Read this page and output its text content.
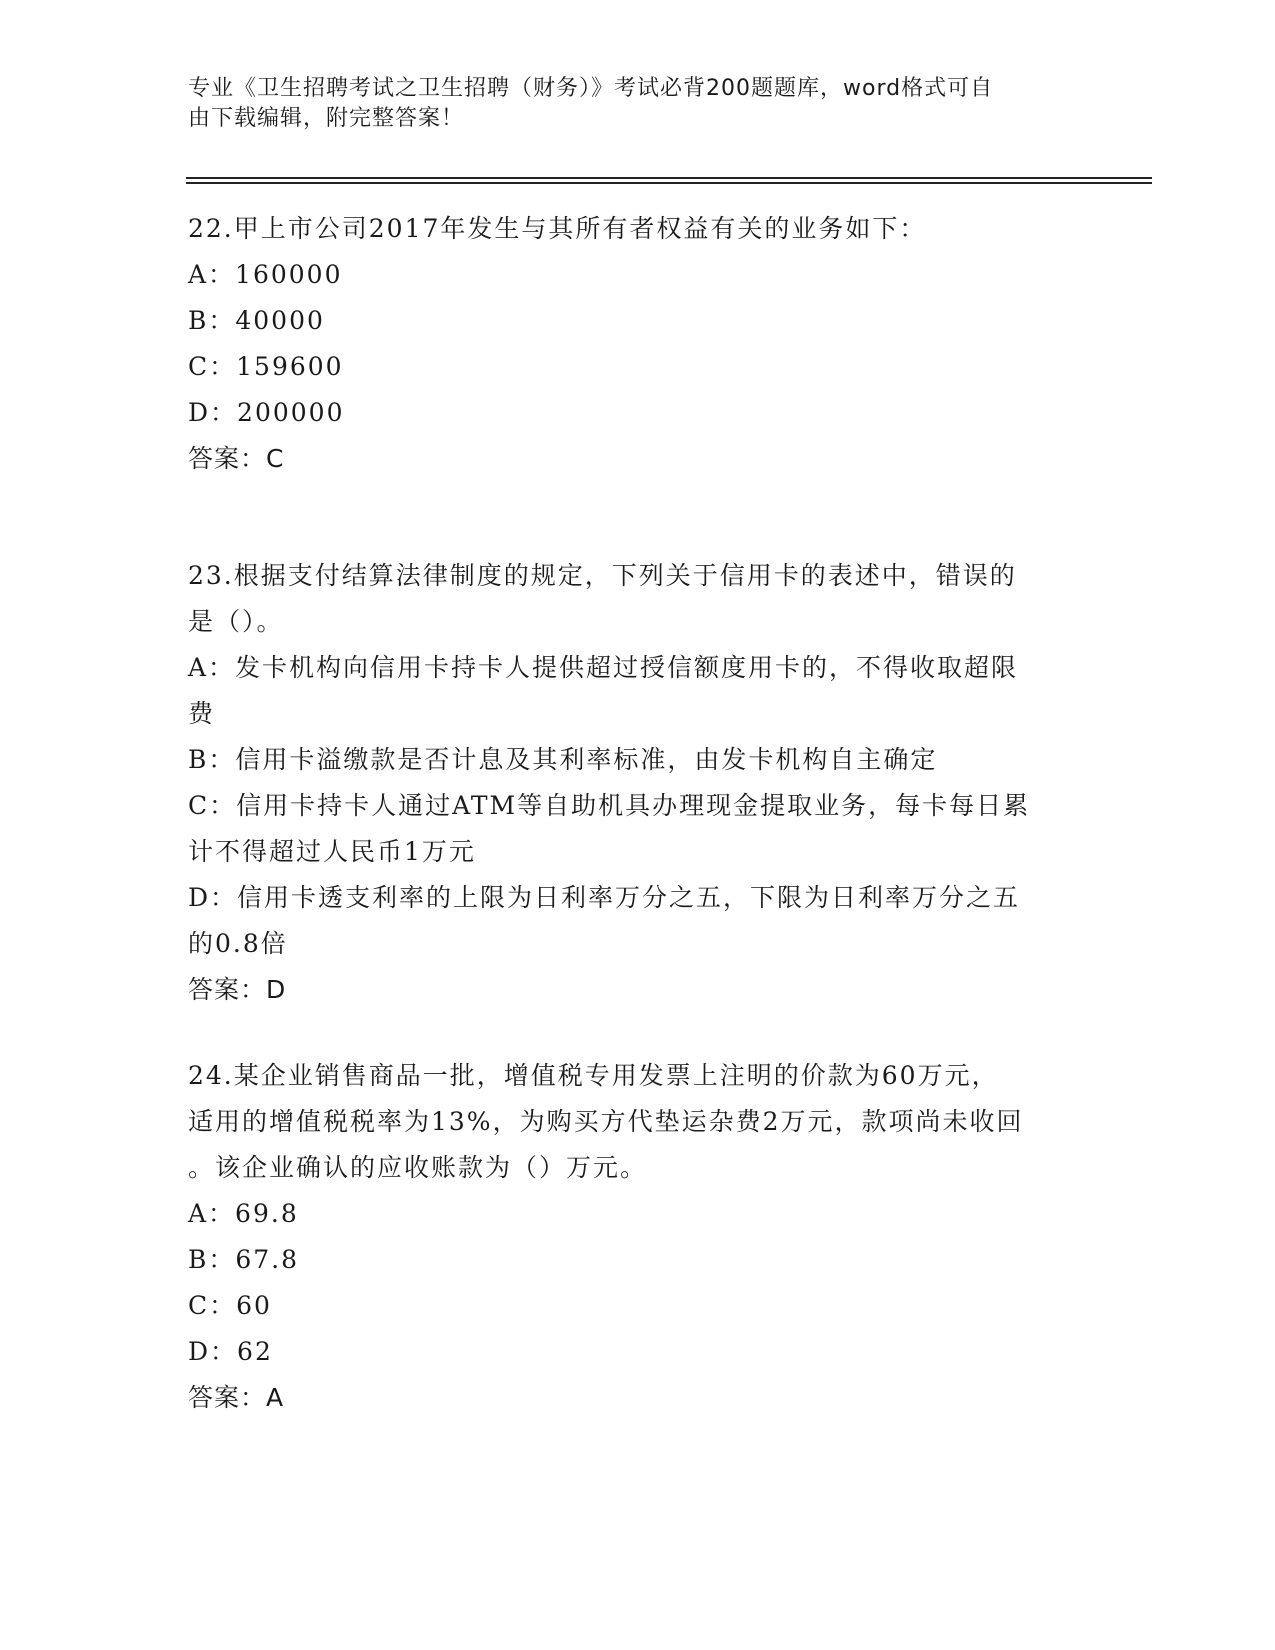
专业《卫生招聘考试之卫生招聘（财务）》考试必背200题题库，word格式可自
由下载编辑，附完整答案！
22.甲上市公司2017年发生与其所有者权益有关的业务如下：
A：160000
B：40000
C：159600
D：200000
答案：C
23.根据支付结算法律制度的规定，下列关于信用卡的表述中，错误的
是（）。
A：发卡机构向信用卡持卡人提供超过授信额度用卡的，不得收取超限
费
B：信用卡溢缴款是否计息及其利率标准，由发卡机构自主确定
C：信用卡持卡人通过ATM等自助机具办理现金提取业务，每卡每日累
计不得超过人民币1万元
D：信用卡透支利率的上限为日利率万分之五，下限为日利率万分之五
的0.8倍
答案：D
24.某企业销售商品一批，增值税专用发票上注明的价款为60万元，
适用的增值税税率为13%，为购买方代垫运杂费2万元，款项尚未收回
。该企业确认的应收账款为（）万元。
A：69.8
B：67.8
C：60
D：62
答案：A
